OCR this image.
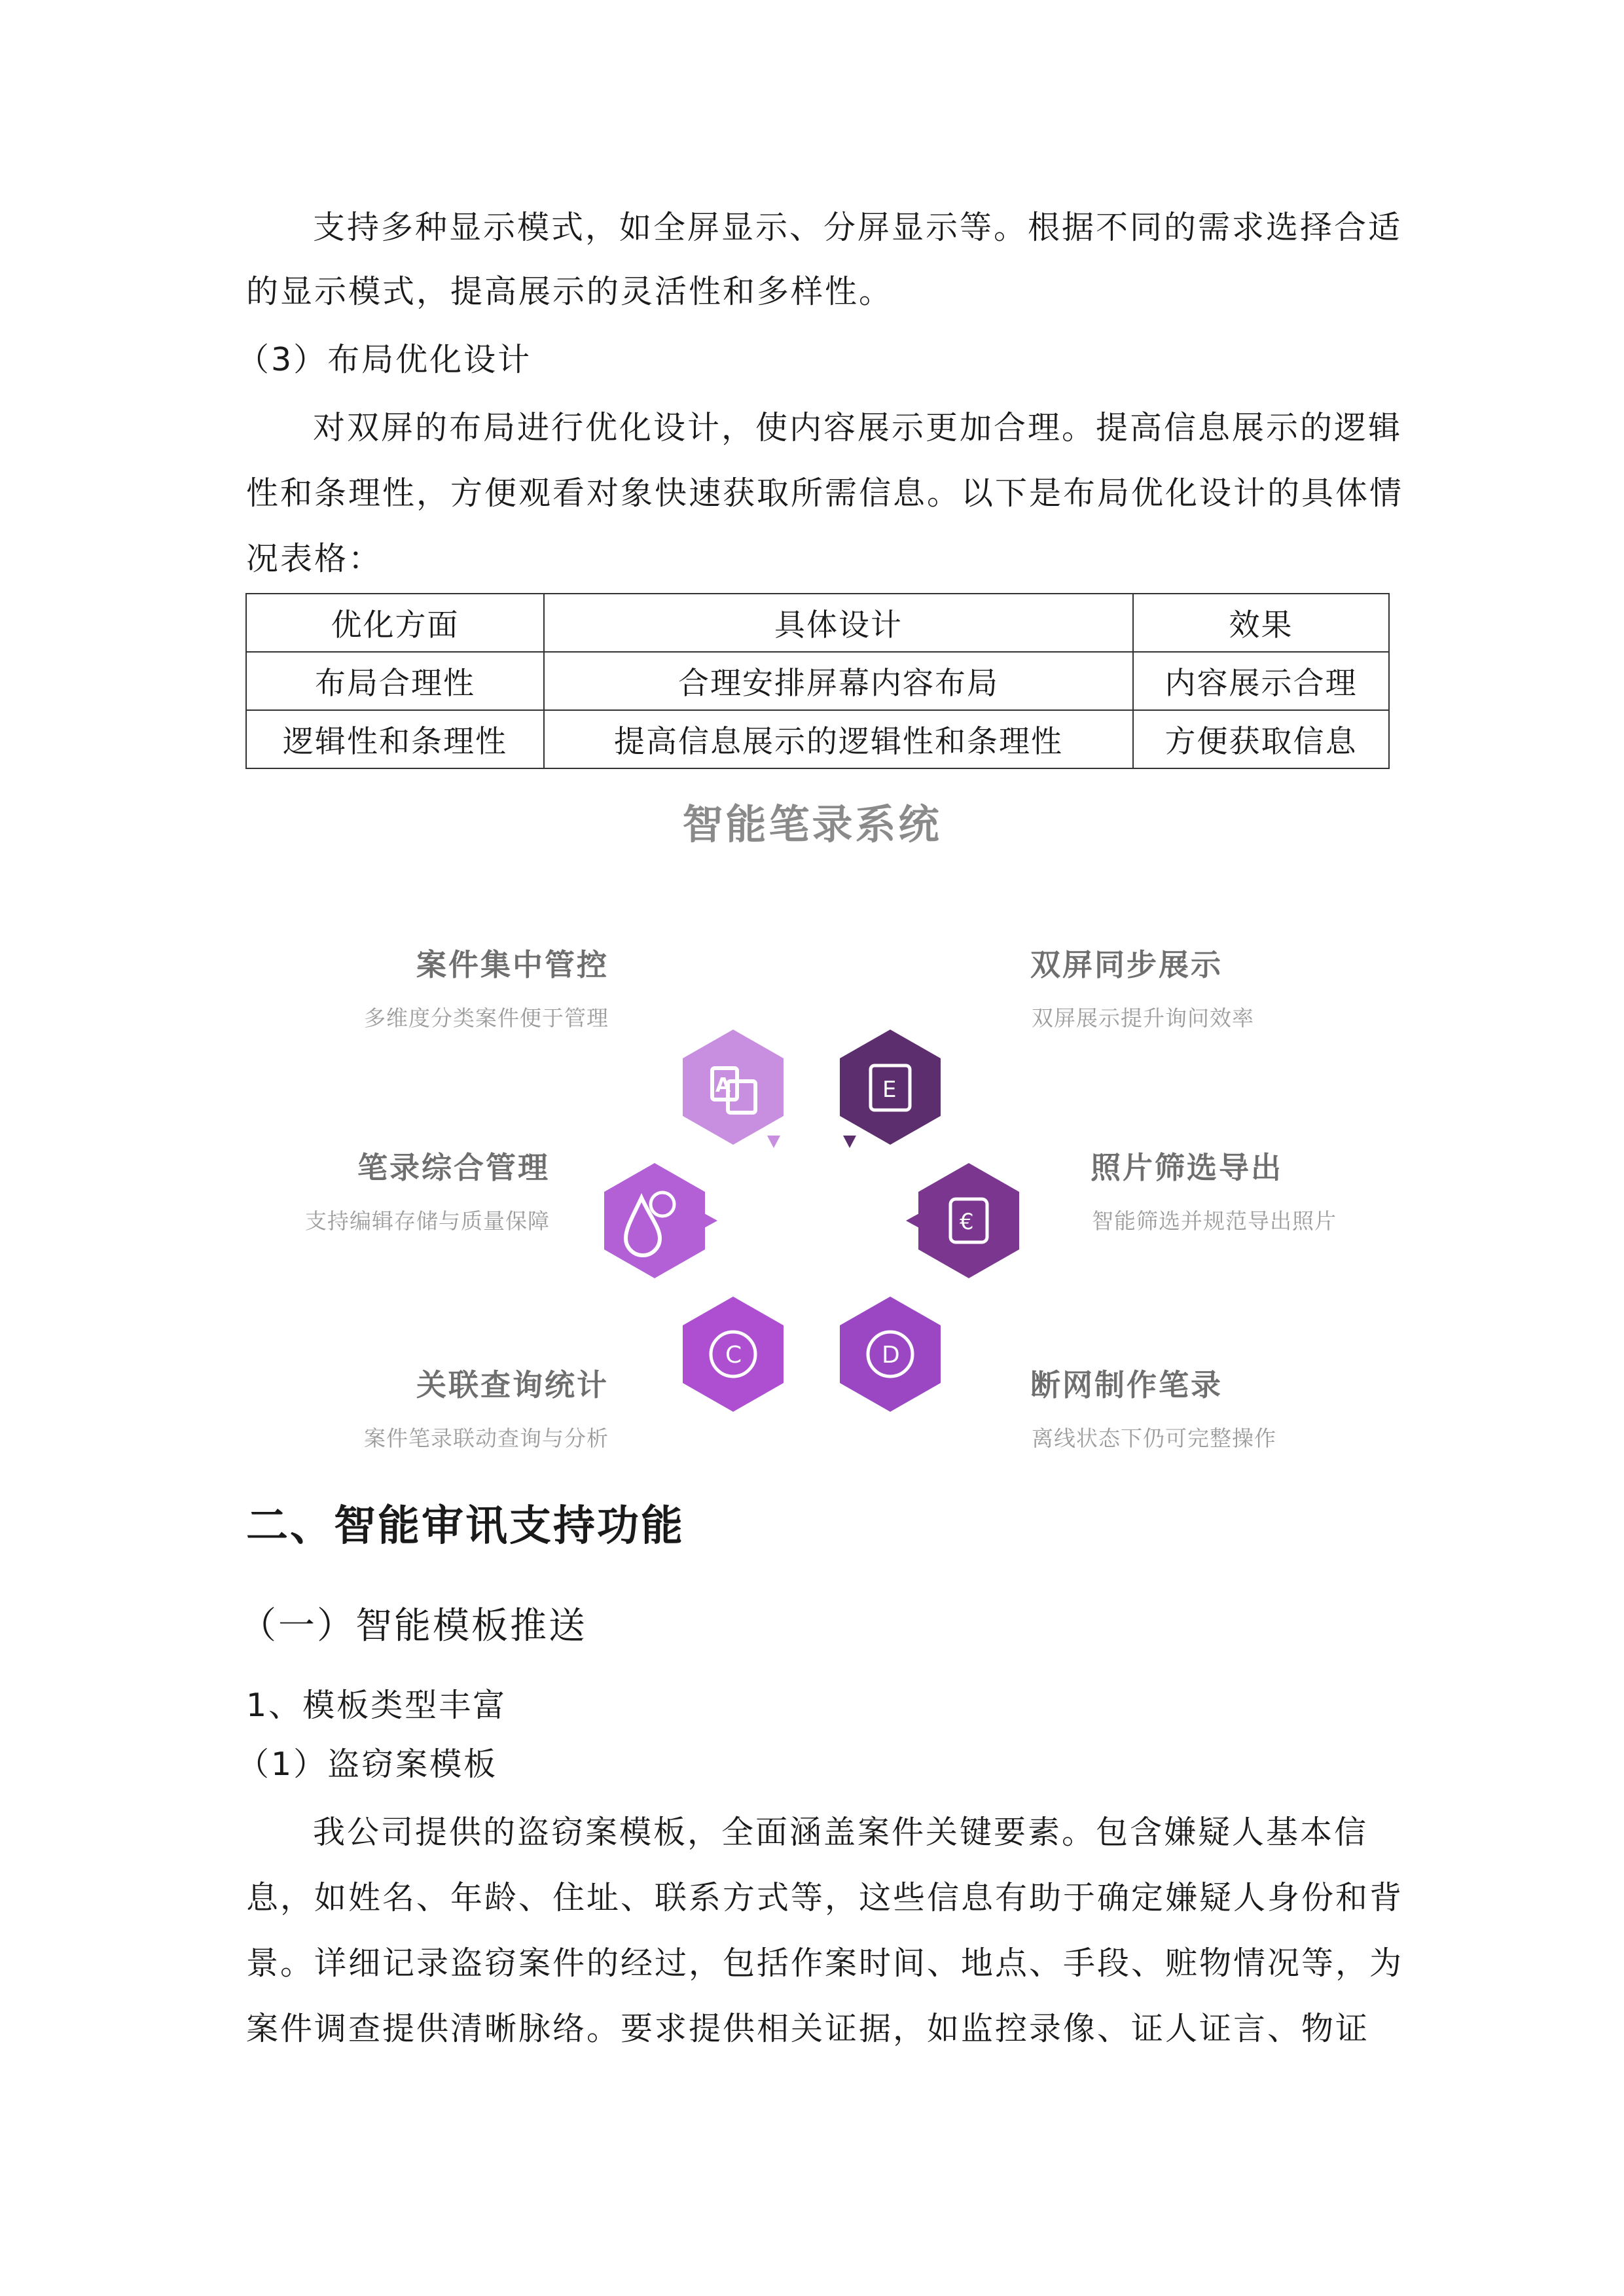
支持多种显示模式，如全屏显示、分屏显示等。根据不同的需求选择合适
的显示模式，提高展示的灵活性和多样性。
（3）布局优化设计
对双屏的布局进行优化设计，使内容展示更加合理。提高信息展示的逻辑
性和条理性，方便观看对象快速获取所需信息。以下是布局优化设计的具体情
况表格：
优化方面	具体设计	效果
布局合理性	合理安排屏幕内容布局	内容展示合理
逻辑性和条理性	提高信息展示的逻辑性和条理性	方便获取信息
智能笔录系统
A	E
€
C	D
案件集中管控
多维度分类案件便于管理
笔录综合管理
支持编辑存储与质量保障
关联查询统计
案件笔录联动查询与分析
双屏同步展示
双屏展示提升询问效率
照片筛选导出
智能筛选并规范导出照片
断网制作笔录
离线状态下仍可完整操作
二、智能审讯支持功能
（一）智能模板推送
1、模板类型丰富
（1）盗窃案模板
我公司提供的盗窃案模板，全面涵盖案件关键要素。包含嫌疑人基本信
息，如姓名、年龄、住址、联系方式等，这些信息有助于确定嫌疑人身份和背
景。详细记录盗窃案件的经过，包括作案时间、地点、手段、赃物情况等，为
案件调查提供清晰脉络。要求提供相关证据，如监控录像、证人证言、物证
